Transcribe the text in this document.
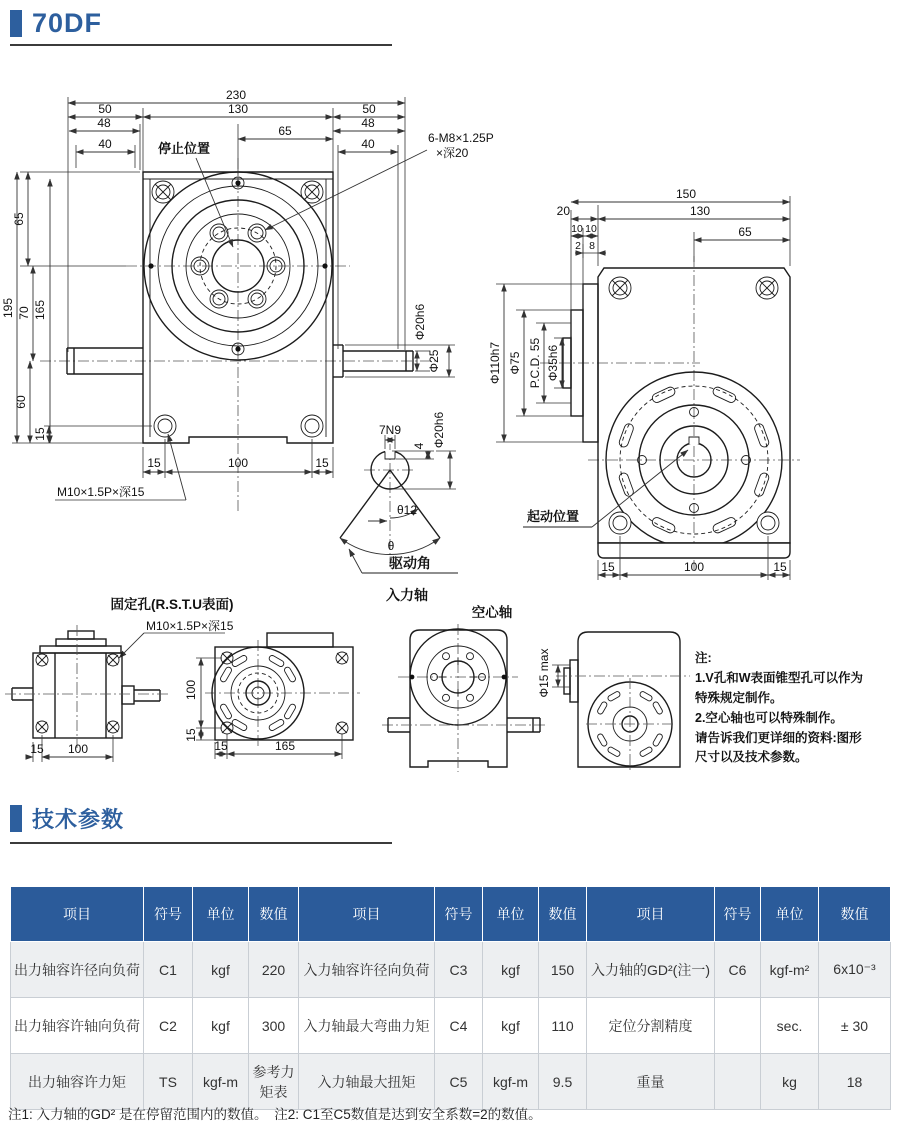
70DF
230
50	130	50
48
65
48
40	40
65
195 70 165
60
15
15	100	15
M10×1.5P×深15
停止位置
6-M8×1.25P
×深20
Φ20h6
Φ25
7N9
4 Φ20h6
θ12
θ
驱动角
入力轴
150
130
20
10 10
2 8
65
Φ110h7 Φ75 P.C.D. 55 Φ35h6
起动位置
15	100	15
固定孔(R.S.T.U表面)
M10×1.5P×深15
15 100
100
15
15	165
空心轴
Φ15 max	注:
1.V孔和W表面锥型孔可以作为
特殊规定制作。
2.空心轴也可以特殊制作。
请告诉我们更详细的资料:图形
尺寸以及技术参数。
技术参数
项目	符号	单位	数值	项目	符号	单位	数值	项目	符号	单位	数值
出力轴容许径向负荷	C1	kgf	220	入力轴容许径向负荷	C3	kgf	150	入力轴的GD²(注一)	C6	kgf-m²	6x10⁻³
出力轴容许轴向负荷	C2	kgf	300	入力轴最大弯曲力矩	C4	kgf	110	定位分割精度		sec.	± 30
出力轴容许力矩	TS	kgf-m	参考力矩表	入力轴最大扭矩	C5	kgf-m	9.5	重量		kg	18
注1: 入力轴的GD² 是在停留范围内的数值。　注2: C1至C5数值是达到安全系数=2的数值。
